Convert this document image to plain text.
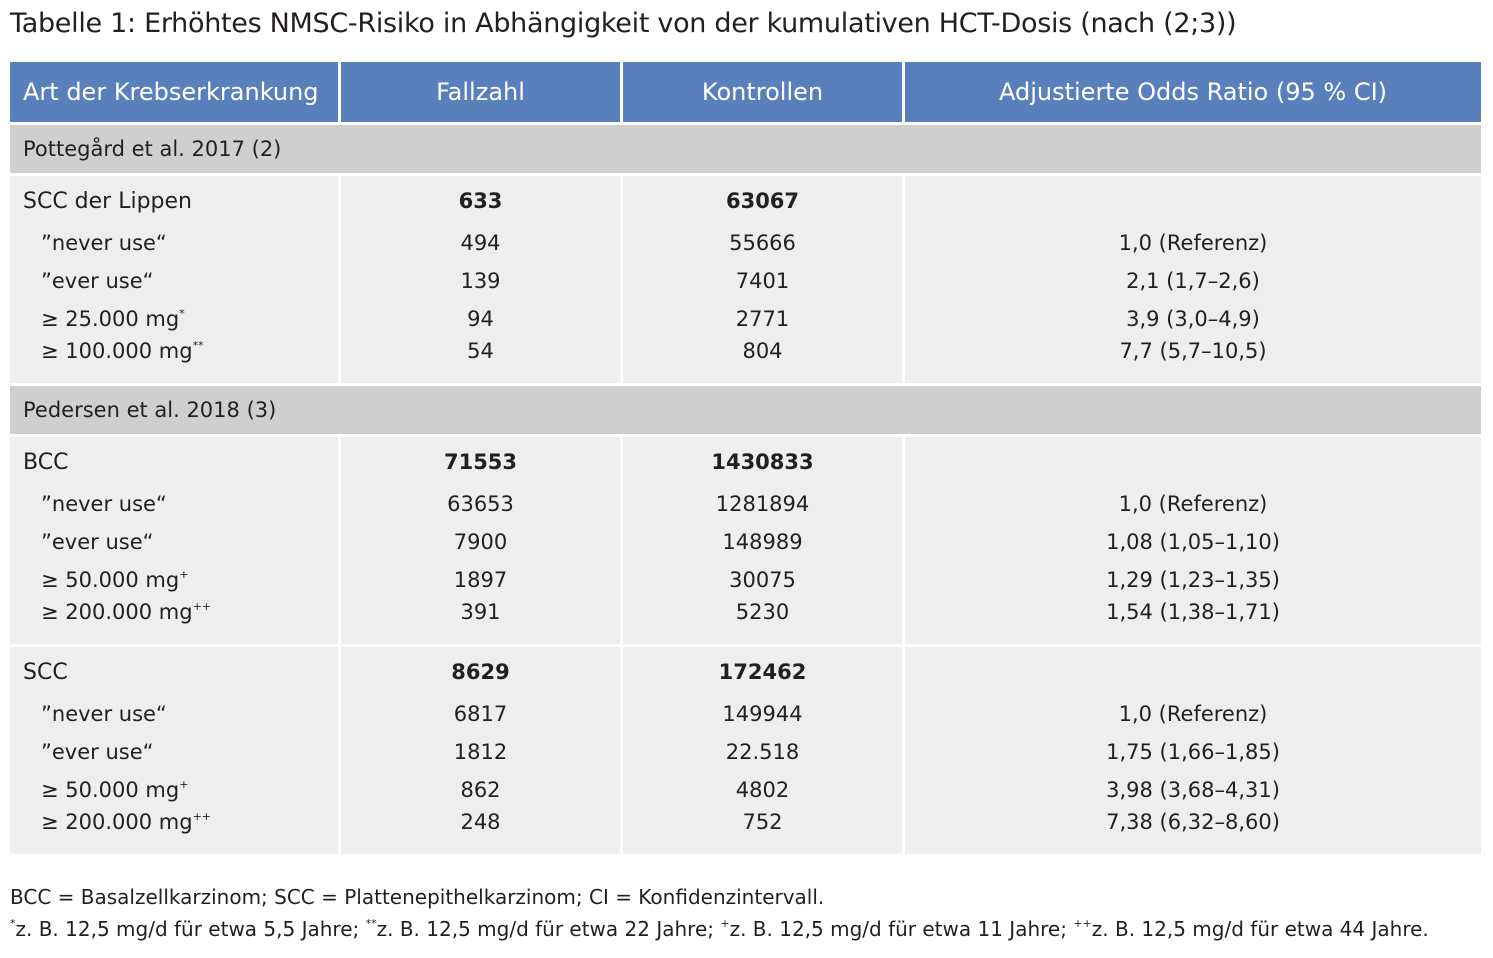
Tabelle 1: Erhöhtes NMSC-Risiko in Abhängigkeit von der kumulativen HCT-Dosis (nach (2;3))
Art der Krebserkrankung	Fallzahl	Kontrollen	Adjustierte Odds Ratio (95 % CI)
Pottegård et al. 2017 (2)			
SCC der Lippen	633	63067	
”never use“	494	55666	1,0 (Referenz)
”ever use“	139	7401	2,1 (1,7–2,6)
≥ 25.000 mg*	94	2771	3,9 (3,0–4,9)
≥ 100.000 mg**	54	804	7,7 (5,7–10,5)
Pedersen et al. 2018 (3)			
BCC	71553	1430833	
”never use“	63653	1281894	1,0 (Referenz)
”ever use“	7900	148989	1,08 (1,05–1,10)
≥ 50.000 mg+	1897	30075	1,29 (1,23–1,35)
≥ 200.000 mg++	391	5230	1,54 (1,38–1,71)
SCC	8629	172462	
”never use“	6817	149944	1,0 (Referenz)
”ever use“	1812	22.518	1,75 (1,66–1,85)
≥ 50.000 mg+	862	4802	3,98 (3,68–4,31)
≥ 200.000 mg++	248	752	7,38 (6,32–8,60)
BCC = Basalzellkarzinom; SCC = Plattenepithelkarzinom; CI = Konfidenzintervall.
*z. B. 12,5 mg/d für etwa 5,5 Jahre; **z. B. 12,5 mg/d für etwa 22 Jahre; +z. B. 12,5 mg/d für etwa 11 Jahre; ++z. B. 12,5 mg/d für etwa 44 Jahre.
